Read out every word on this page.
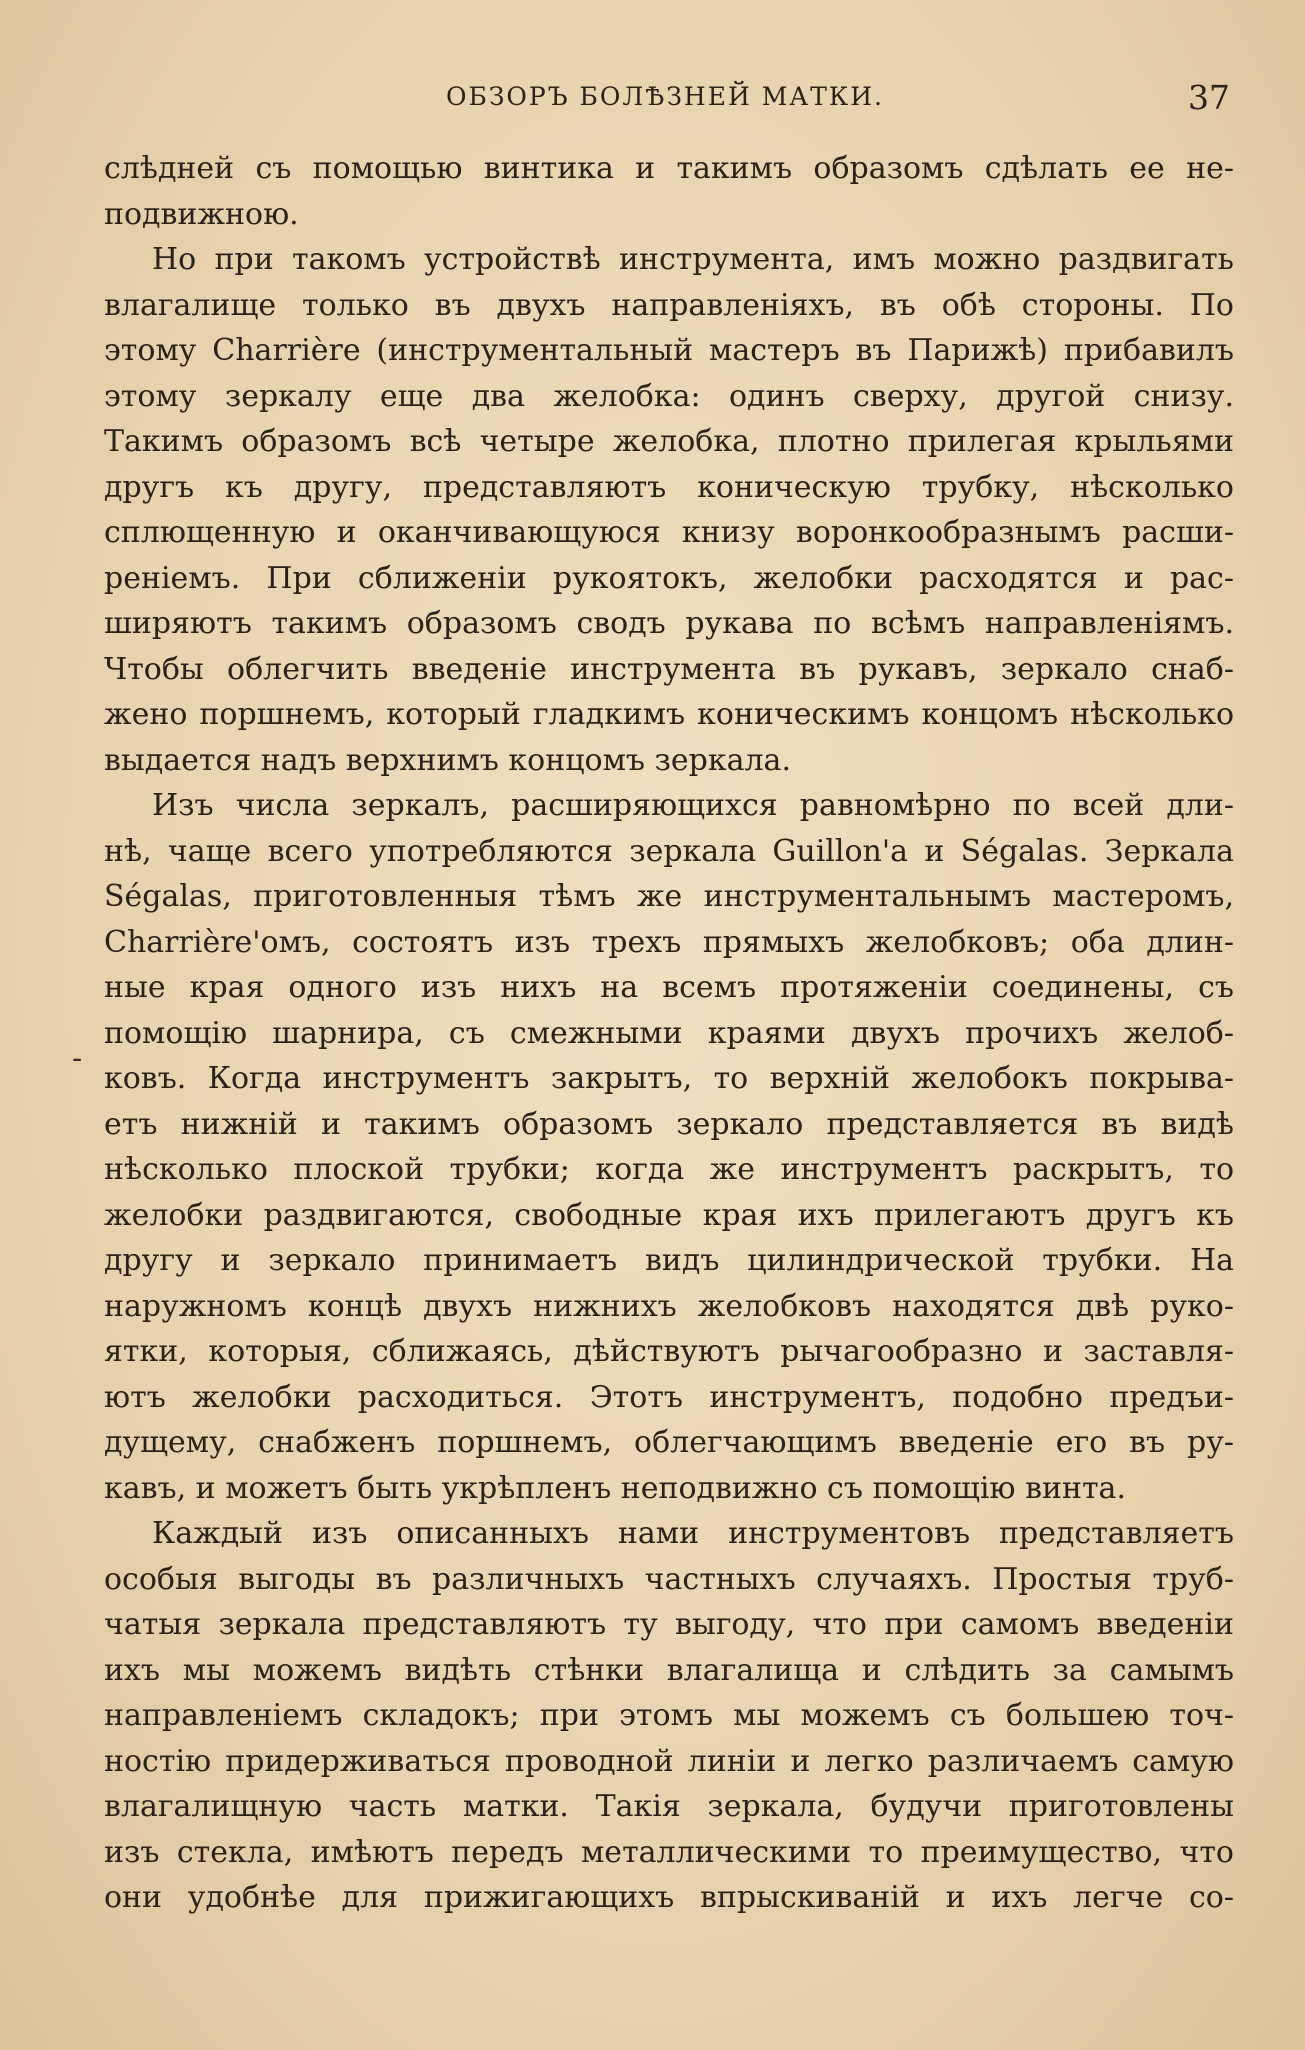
ОБЗОРЪ БОЛѢЗНЕЙ МАТКИ.	37
-
слѣдней съ помощью винтика и такимъ образомъ сдѣлать ее не-
подвижною.
Но при такомъ устройствѣ инструмента, имъ можно раздвигать
влагалище только въ двухъ направленіяхъ, въ обѣ стороны. По
этому Charrière (инструментальный мастеръ въ Парижѣ) прибавилъ
этому зеркалу еще два желобка: одинъ сверху, другой снизу.
Такимъ образомъ всѣ четыре желобка, плотно прилегая крыльями
другъ къ другу, представляютъ коническую трубку, нѣсколько
сплющенную и оканчивающуюся книзу воронкообразнымъ расши-
реніемъ. При сближеніи рукоятокъ, желобки расходятся и рас-
ширяютъ такимъ образомъ сводъ рукава по всѣмъ направленіямъ.
Чтобы облегчить введеніе инструмента въ рукавъ, зеркало снаб-
жено поршнемъ, который гладкимъ коническимъ концомъ нѣсколько
выдается надъ верхнимъ концомъ зеркала.
Изъ числа зеркалъ, расширяющихся равномѣрно по всей дли-
нѣ, чаще всего употребляются зеркала Guillon'а и Ségalas. Зеркала
Ségalas, приготовленныя тѣмъ же инструментальнымъ мастеромъ,
Charrière'омъ, состоятъ изъ трехъ прямыхъ желобковъ; оба длин-
ные края одного изъ нихъ на всемъ протяженіи соединены, съ
помощію шарнира, съ смежными краями двухъ прочихъ желоб-
ковъ. Когда инструментъ закрытъ, то верхній желобокъ покрыва-
етъ нижній и такимъ образомъ зеркало представляется въ видѣ
нѣсколько плоской трубки; когда же инструментъ раскрытъ, то
желобки раздвигаются, свободные края ихъ прилегаютъ другъ къ
другу и зеркало принимаетъ видъ цилиндрической трубки. На
наружномъ концѣ двухъ нижнихъ желобковъ находятся двѣ руко-
ятки, которыя, сближаясь, дѣйствуютъ рычагообразно и заставля-
ютъ желобки расходиться. Этотъ инструментъ, подобно предъи-
дущему, снабженъ поршнемъ, облегчающимъ введеніе его въ ру-
кавъ, и можетъ быть укрѣпленъ неподвижно съ помощію винта.
Каждый изъ описанныхъ нами инструментовъ представляетъ
особыя выгоды въ различныхъ частныхъ случаяхъ. Простыя труб-
чатыя зеркала представляютъ ту выгоду, что при самомъ введеніи
ихъ мы можемъ видѣть стѣнки влагалища и слѣдить за самымъ
направленіемъ складокъ; при этомъ мы можемъ съ большею точ-
ностію придерживаться проводной линіи и легко различаемъ самую
влагалищную часть матки. Такія зеркала, будучи приготовлены
изъ стекла, имѣютъ передъ металлическими то преимущество, что
они удобнѣе для прижигающихъ впрыскиваній и ихъ легче со-
